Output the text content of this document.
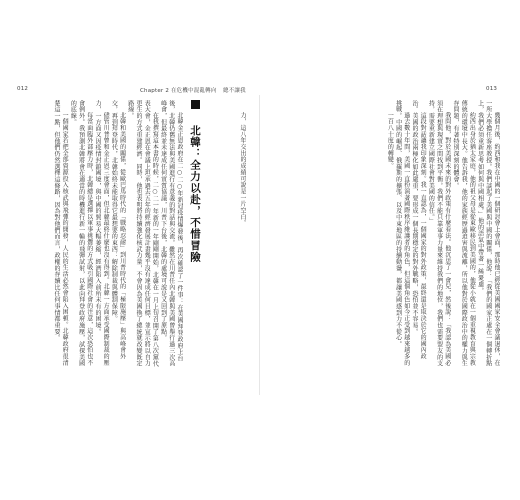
012	Chapter 2 在危機中混亂轉向

力，這八年交出的成績可說是一片空白。

北韓：全力以赴，不惜冒險

北韓金正恩政府在二○二○年新冠疫情爆發後，再次確認了一件事：在美國拜登政府上台後，北韓仍舊無法與美國進行有意義的對話與交流。雖然在川普任內北韓與美國曾舉行過三次高峰會，但最終並未達成任何實質協議，川普下台後，北韓的處境可說是又回到了原點。

在我撰寫這本書的時候，二○二一年新的一年剛剛開始，北韓在一月上旬召開了第八次黨代表大會，金正恩在會議上坦承過去五年的經濟發展計畫幾乎沒有達成任何目標，並宣示將以自力更生的方式重建經濟。同時，他也表明將持續強化核武力量，不會因為美國換了總統就改變既定路線。

北韓和美國的關係，從歐巴馬時代的「戰略忍耐」到川普時代的「極限施壓」與高峰會外交，再到拜登時代，北韓始終未能取得它最想要的東西：解除制裁與體制保障。

儘管川普曾和金正恩三度會面，但北韓最終什麼也沒有得到。北韓一方面承受國際制裁的壓力，一方面又因疫情封鎖國境，與中國的貿易大幅萎縮，經濟陷入前所未有的困境。

每當面臨外部壓力時，北韓總是選擇以軍事挑釁的方式吸引國際社會的注意，這次恐怕也不會例外。我預測北韓將會在適當的時機進行新一輪的飛彈試射，以此向拜登政府施壓，試探美國的底線。

一個國家若把全部資源投入核武與飛彈的開發，人民的生活必然會陷入困頓。北韓政府很清楚這一點，但他們仍然選擇這條路，因為對他們而言，政權的存續比任何事情都重要。

總不讓我	013

幾個月後，約西和我在中國的一個研討會上會面，那時他已經從美國國家安全會議退休，在一所大學擔任客座教授。我們談起了美國與中國的關係，他說：「我們的國家正處在一個轉折點上，我們必須重新思考如何與中國相處。」他的語氣中帶著一絲憂慮。

約西出身於猶太家庭，他的祖父母是從東歐移民到美國的，他從小就在一個重視教育與宗教傳統的環境中長大。他告訴我，他的家族經歷過迫害與流離，所以他對於國際政治中的權力與生存問題，有著特別深刻的體會。

我問他，對於美國未來的對外政策有什麼看法。他沉思了一會兒，然後說：「我認為美國必須在理想與現實之間找到平衡。我們不能只靠軍事力量來維持我們的地位，我們也需要盟友的支持，需要重新建立國際社會對美國的信任。」

這段對話讓我印象深刻。我一直認為，一個國家的對外政策，最終還是取決於它的國內政治。美國的政治兩極化如此嚴重，要形成一個長期穩定的對外戰略，恐怕並不容易。

過去數十年間，美國一直扮演著國際秩序維護者的角色，但這個角色如今正受到越來越多的挑戰。中國的崛起、俄羅斯的擴張、以及中東地區的持續動盪，都讓美國感到力不從心。

一百八十度的轉變。
